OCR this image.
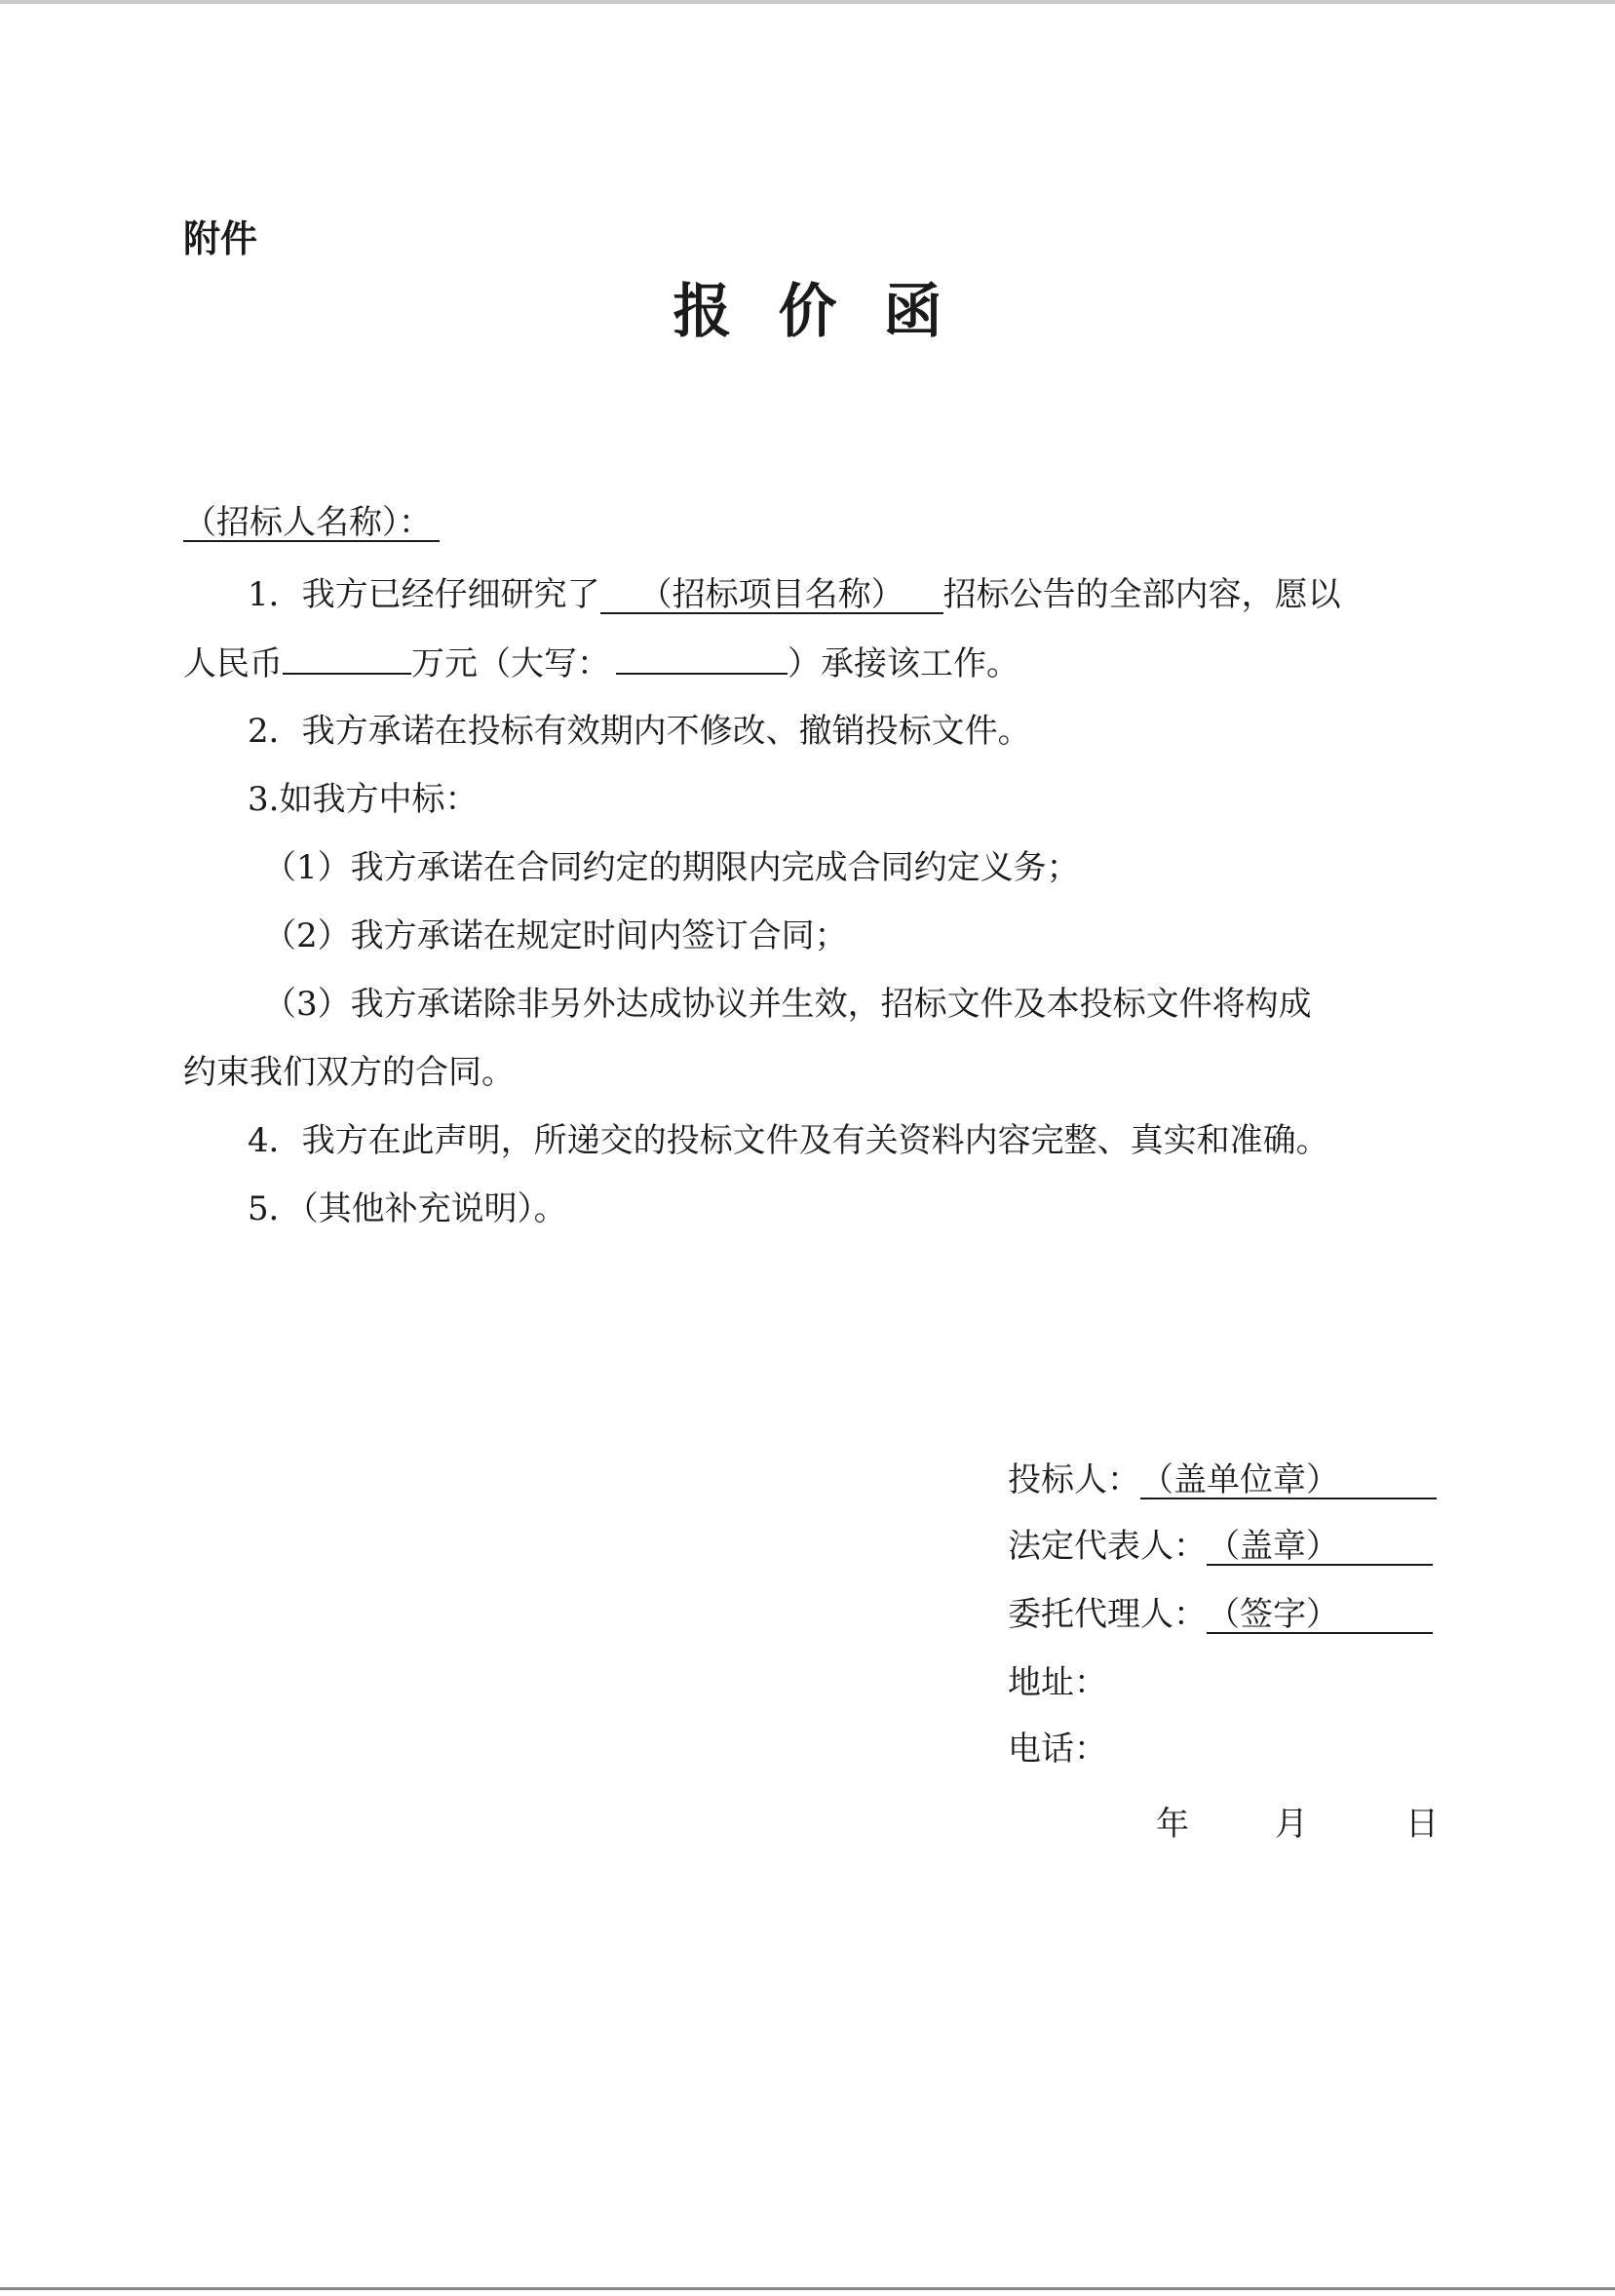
附件
报价函
（招标人名称）：
1．我方已经仔细研究了 （招标项目名称） 招标公告的全部内容，愿以
人民币	万元（大写：	）承接该工作。
2．我方承诺在投标有效期内不修改、撤销投标文件。
3.如我方中标：
（1）我方承诺在合同约定的期限内完成合同约定义务；
（2）我方承诺在规定时间内签订合同；
（3）我方承诺除非另外达成协议并生效，招标文件及本投标文件将构成
约束我们双方的合同。
4．我方在此声明，所递交的投标文件及有关资料内容完整、真实和准确。
5．（其他补充说明）。
投标人：（盖单位章）
法定代表人：（盖章）
委托代理人：（签字）
地址：
电话：
年	月	日
